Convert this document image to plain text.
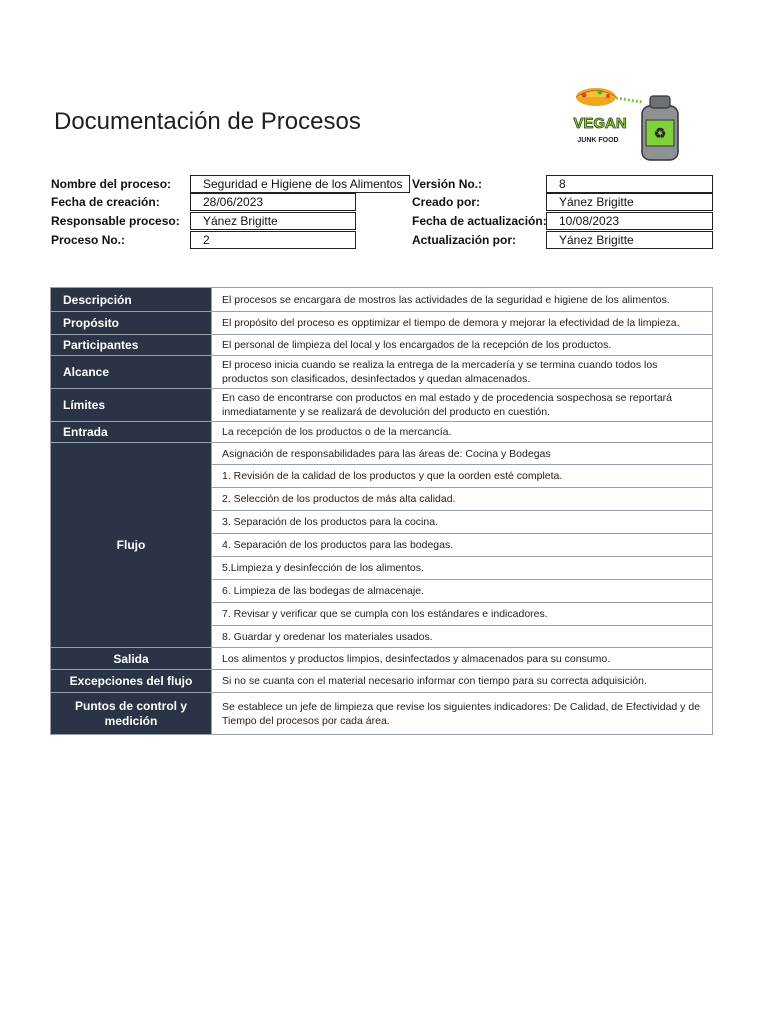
Documentación de Procesos	♻
VEGAN
JUNK FOOD
Nombre del proceso:	Seguridad e Higiene de los Alimentos
Fecha de creación:	28/06/2023
Responsable proceso:	Yánez Brigitte
Proceso No.:	2
Versión No.:	8
Creado por:	Yánez Brigitte
Fecha de actualización:	10/08/2023
Actualización por:	Yánez Brigitte
Descripción	El procesos se encargara de mostros las actividades de la seguridad e higiene de los alimentos.
Propósito	El propósito del proceso es opptimizar el tiempo de demora y mejorar la efectividad de la limpieza.
Participantes	El personal de limpieza del local y los encargados de la recepción de los productos.
Alcance	El proceso inicia cuando se realiza la entrega de la mercadería y se termina cuando todos los productos son clasificados, desinfectados y quedan almacenados.
Límites	En caso de encontrarse con productos en mal estado y de procedencia sospechosa se reportará inmediatamente y se realizará de devolución del producto en cuestión.
Entrada	La recepción de los productos o de la mercancía.
Flujo	Asignación de responsabilidades para las áreas de: Cocina y Bodegas
	1. Revisión de la calidad de los productos y que la oorden esté completa.
	2. Selección de los productos de más alta calidad.
	3. Separación de los productos para la cocina.
	4. Separación de los productos para las bodegas.
	5.Limpieza y desinfección de los alimentos.
	6. Limpieza de las bodegas de almacenaje.
	7. Revisar y verificar que se cumpla con los estándares e indicadores.
	8. Guardar y oredenar los materiales usados.
Salida	Los alimentos y productos limpios, desinfectados y almacenados para su consumo.
Excepciones del flujo	Si no se cuanta con el material necesario informar con tiempo para su correcta adquisición.
Puntos de control y medición	Se establece un jefe de limpieza que revise los siguientes indicadores: De Calidad, de Efectividad y de Tiempo del procesos por cada área.
